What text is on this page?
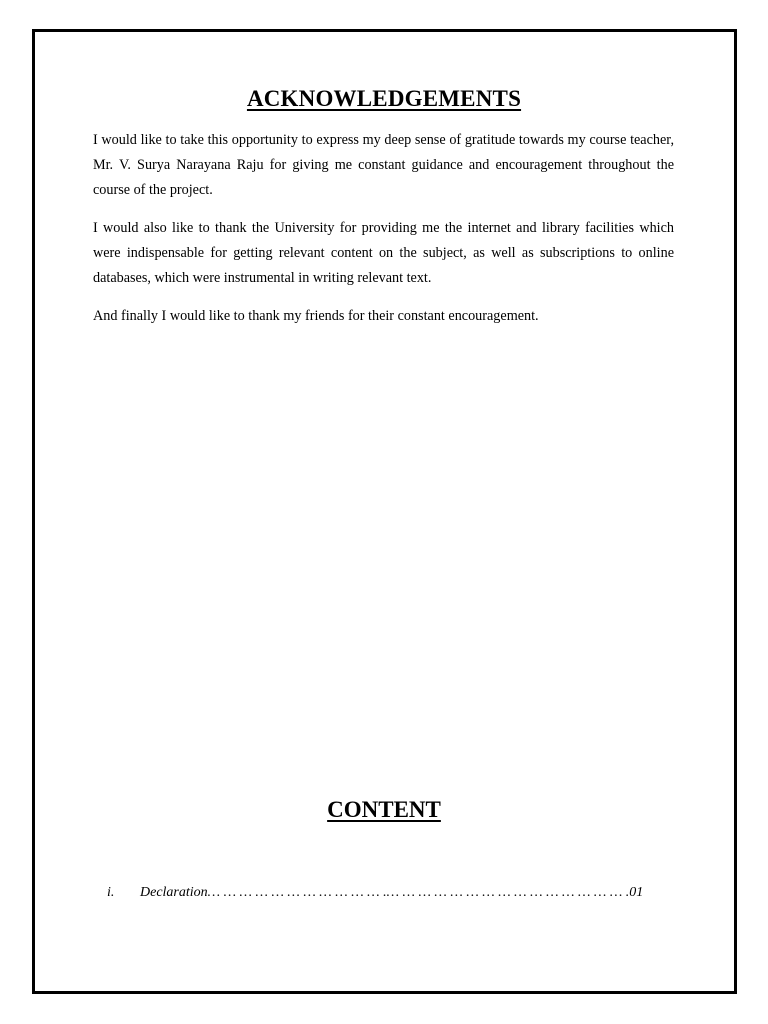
ACKNOWLEDGEMENTS

I would like to take this opportunity to express my deep sense of gratitude towards my course teacher, Mr. V. Surya Narayana Raju for giving me constant guidance and encouragement throughout the course of the project.

I would also like to thank the University for providing me the internet and library facilities which were indispensable for getting relevant content on the subject, as well as subscriptions to online databases, which were instrumental in writing relevant text.

And finally I would like to thank my friends for their constant encouragement.

CONTENT
i. Declaration… … … … … … … … … … … .… … … … … … … … … … … … … … … .01
